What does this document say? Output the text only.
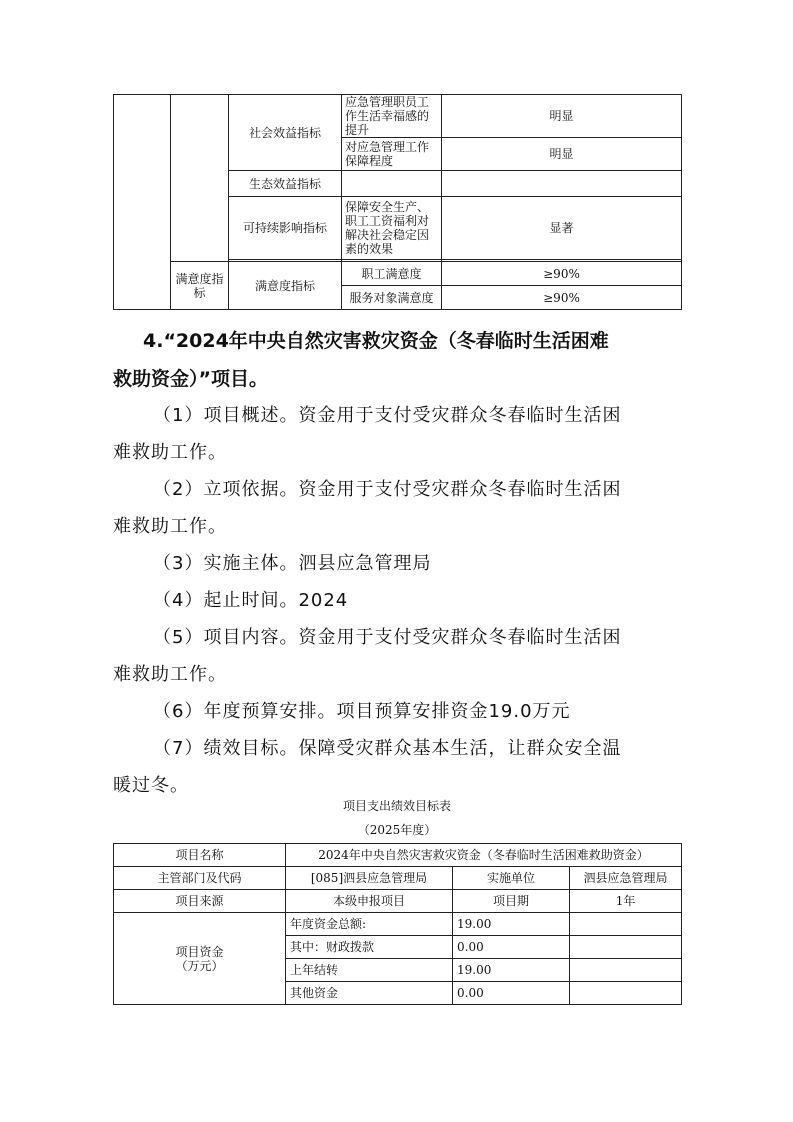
		社会效益指标	应急管理职员工作生活幸福感的提升	明显
			对应急管理工作保障程度	明显
		生态效益指标		
		可持续影响指标	保障安全生产、职工工资福利对解决社会稳定因素的效果	显著

	满意度指标	满意度指标	职工满意度	≥90%
			服务对象满意度	≥90%
4.“2024年中央自然灾害救灾资金（冬春临时生活困难
救助资金）”项目。
（1）项目概述。资金用于支付受灾群众冬春临时生活困
难救助工作。
（2）立项依据。资金用于支付受灾群众冬春临时生活困
难救助工作。
（3）实施主体。泗县应急管理局
（4）起止时间。2024
（5）项目内容。资金用于支付受灾群众冬春临时生活困
难救助工作。
（6）年度预算安排。项目预算安排资金19.0万元
（7）绩效目标。保障受灾群众基本生活，让群众安全温
暖过冬。
项目支出绩效目标表
（2025年度）
项目名称	2024年中央自然灾害救灾资金（冬春临时生活困难救助资金）		
主管部门及代码	[085]泗县应急管理局	实施单位	泗县应急管理局
项目来源	本级申报项目	项目期	1年

项目资金
（万元）	年度资金总额:	19.00	
	其中：财政拨款	0.00	
	上年结转	19.00	
	其他资金	0.00	
